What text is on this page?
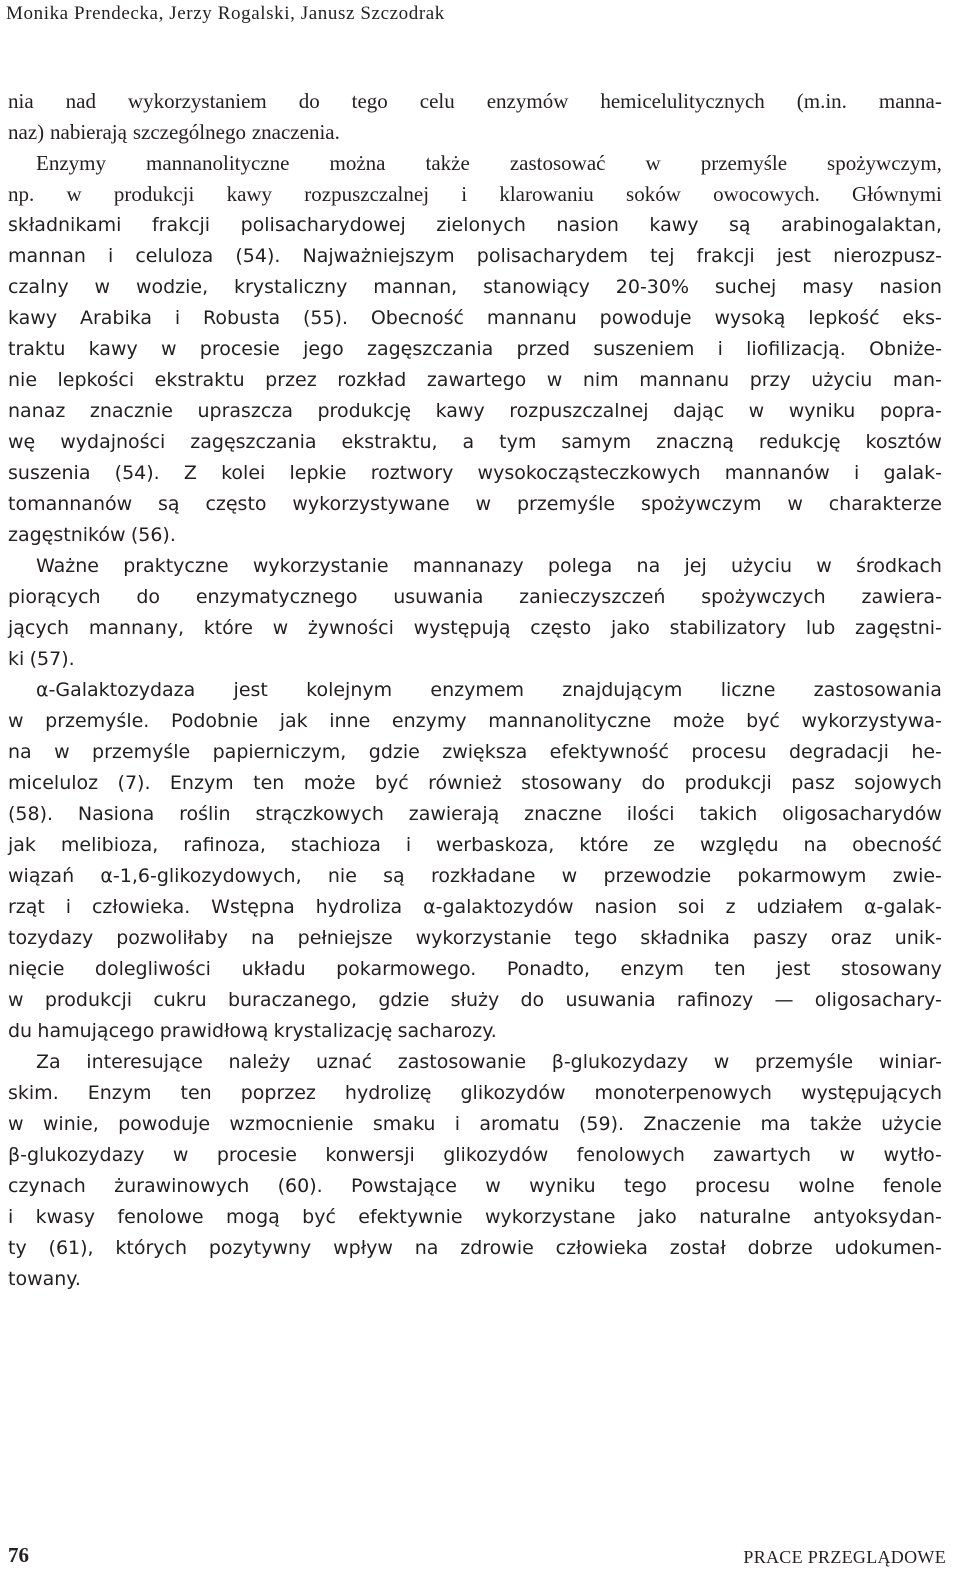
Monika Prendecka, Jerzy Rogalski, Janusz Szczodrak
nia nad wykorzystaniem do tego celu enzymów hemicelulitycznych (m.in. manna-
naz) nabierają szczególnego znaczenia.
Enzymy mannanolityczne można także zastosować w przemyśle spożywczym,
np. w produkcji kawy rozpuszczalnej i klarowaniu soków owocowych. Głównymi
składnikami frakcji polisacharydowej zielonych nasion kawy są arabinogalaktan,
mannan i celuloza (54). Najważniejszym polisacharydem tej frakcji jest nierozpusz-
czalny w wodzie, krystaliczny mannan, stanowiący 20-30% suchej masy nasion
kawy Arabika i Robusta (55). Obecność mannanu powoduje wysoką lepkość eks-
traktu kawy w procesie jego zagęszczania przed suszeniem i liofilizacją. Obniże-
nie lepkości ekstraktu przez rozkład zawartego w nim mannanu przy użyciu man-
nanaz znacznie upraszcza produkcję kawy rozpuszczalnej dając w wyniku popra-
wę wydajności zagęszczania ekstraktu, a tym samym znaczną redukcję kosztów
suszenia (54). Z kolei lepkie roztwory wysokocząsteczkowych mannanów i galak-
tomannanów są często wykorzystywane w przemyśle spożywczym w charakterze
zagęstników (56).
Ważne praktyczne wykorzystanie mannanazy polega na jej użyciu w środkach
piorących do enzymatycznego usuwania zanieczyszczeń spożywczych zawiera-
jących mannany, które w żywności występują często jako stabilizatory lub zagęstni-
ki (57).
α-Galaktozydaza jest kolejnym enzymem znajdującym liczne zastosowania
w przemyśle. Podobnie jak inne enzymy mannanolityczne może być wykorzystywa-
na w przemyśle papierniczym, gdzie zwiększa efektywność procesu degradacji he-
miceluloz (7). Enzym ten może być również stosowany do produkcji pasz sojowych
(58). Nasiona roślin strączkowych zawierają znaczne ilości takich oligosacharydów
jak melibioza, rafinoza, stachioza i werbaskoza, które ze względu na obecność
wiązań α-1,6-glikozydowych, nie są rozkładane w przewodzie pokarmowym zwie-
rząt i człowieka. Wstępna hydroliza α-galaktozydów nasion soi z udziałem α-galak-
tozydazy pozwoliłaby na pełniejsze wykorzystanie tego składnika paszy oraz unik-
nięcie dolegliwości układu pokarmowego. Ponadto, enzym ten jest stosowany
w produkcji cukru buraczanego, gdzie służy do usuwania rafinozy — oligosachary-
du hamującego prawidłową krystalizację sacharozy.
Za interesujące należy uznać zastosowanie β-glukozydazy w przemyśle winiar-
skim. Enzym ten poprzez hydrolizę glikozydów monoterpenowych występujących
w winie, powoduje wzmocnienie smaku i aromatu (59). Znaczenie ma także użycie
β-glukozydazy w procesie konwersji glikozydów fenolowych zawartych w wytło-
czynach żurawinowych (60). Powstające w wyniku tego procesu wolne fenole
i kwasy fenolowe mogą być efektywnie wykorzystane jako naturalne antyoksydan-
ty (61), których pozytywny wpływ na zdrowie człowieka został dobrze udokumen-
towany.
76	PRACE PRZEGLĄDOWE
